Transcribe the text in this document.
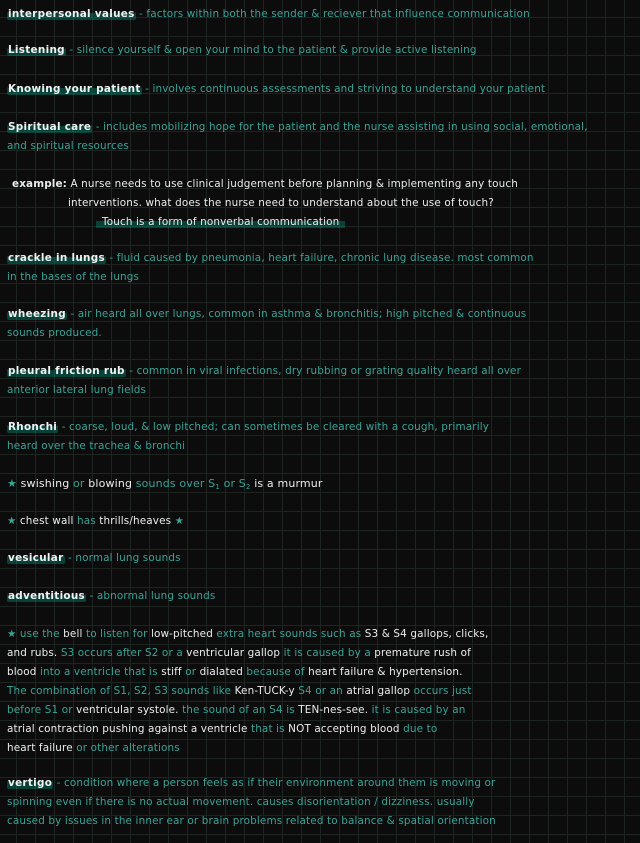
interpersonal values - factors within both the sender & reciever that influence communication
Listening - silence yourself & open your mind to the patient & provide active listening
Knowing your patient - involves continuous assessments and striving to understand your patient
Spiritual care - includes mobilizing hope for the patient and the nurse assisting in using social, emotional,
and spiritual resources
example: A nurse needs to use clinical judgement before planning & implementing any touch
interventions. what does the nurse need to understand about the use of touch?
Touch is a form of nonverbal communication
crackle in lungs - fluid caused by pneumonia, heart failure, chronic lung disease. most common
in the bases of the lungs
wheezing - air heard all over lungs, common in asthma & bronchitis; high pitched & continuous
sounds produced.
pleural friction rub - common in viral infections, dry rubbing or grating quality heard all over
anterior lateral lung fields
Rhonchi - coarse, loud, & low pitched; can sometimes be cleared with a cough, primarily
heard over the trachea & bronchi
★ swishing or blowing sounds over $S_1$ or $S_2$ is a murmur
★ chest wall has thrills/heaves ★
vesicular - normal lung sounds
adventitious - abnormal lung sounds
★ use the bell to listen for low-pitched extra heart sounds such as S3 & S4 gallops, clicks,
and rubs. S3 occurs after S2 or a ventricular gallop it is caused by a premature rush of
blood into a ventricle that is stiff or dialated because of heart failure & hypertension.
The combination of S1, S2, S3 sounds like Ken-TUCK-y S4 or an atrial gallop occurs just
before S1 or ventricular systole. the sound of an S4 is TEN-nes-see. it is caused by an
atrial contraction pushing against a ventricle that is NOT accepting blood due to
heart failure or other alterations
vertigo - condition where a person feels as if their environment around them is moving or
spinning even if there is no actual movement. causes disorientation / dizziness. usually
caused by issues in the inner ear or brain problems related to balance & spatial orientation
